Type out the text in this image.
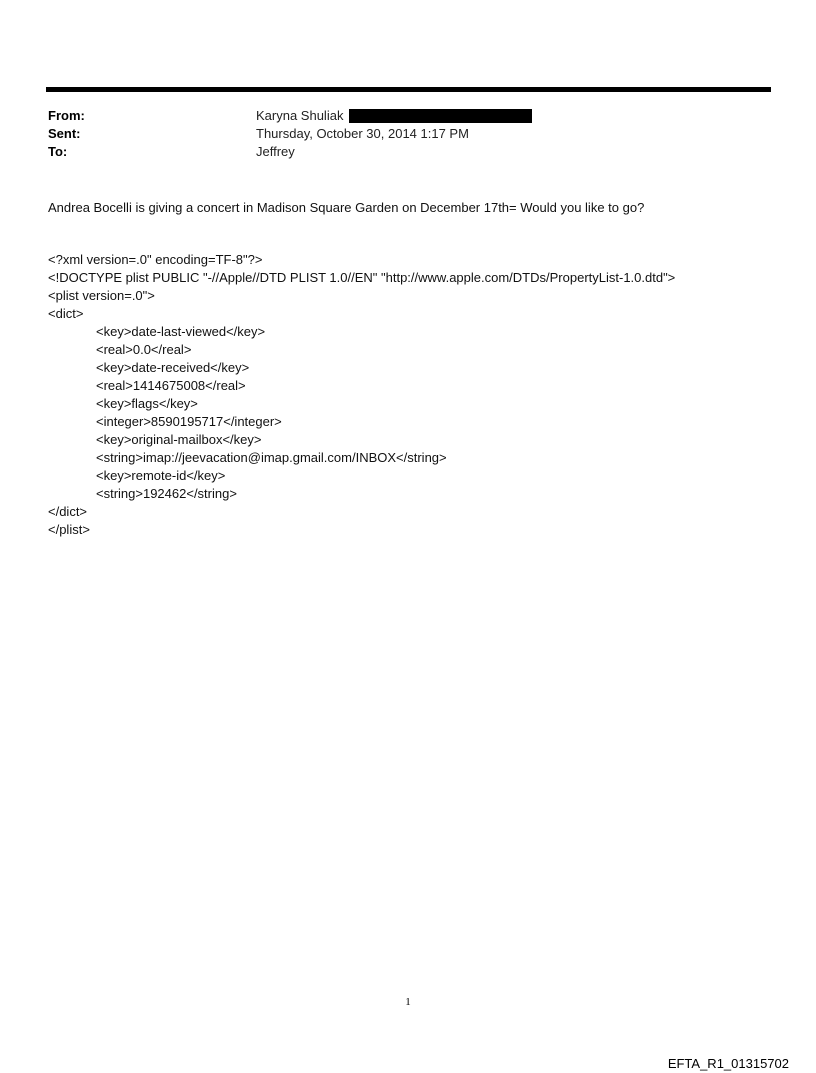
From:	Karyna Shuliak
Sent:	Thursday, October 30, 2014 1:17 PM
To:	Jeffrey
Andrea Bocelli is giving a concert in Madison Square Garden on December 17th= Would you like to go?
<?xml version=.0" encoding=TF-8"?>
<!DOCTYPE plist PUBLIC "-//Apple//DTD PLIST 1.0//EN" "http://www.apple.com/DTDs/PropertyList-1.0.dtd">
<plist version=.0">
<dict>
<key>date-last-viewed</key>
<real>0.0</real>
<key>date-received</key>
<real>1414675008</real>
<key>flags</key>
<integer>8590195717</integer>
<key>original-mailbox</key>
<string>imap://jeevacation@imap.gmail.com/INBOX</string>
<key>remote-id</key>
<string>192462</string>
</dict>
</plist>
1
EFTA_R1_01315702
